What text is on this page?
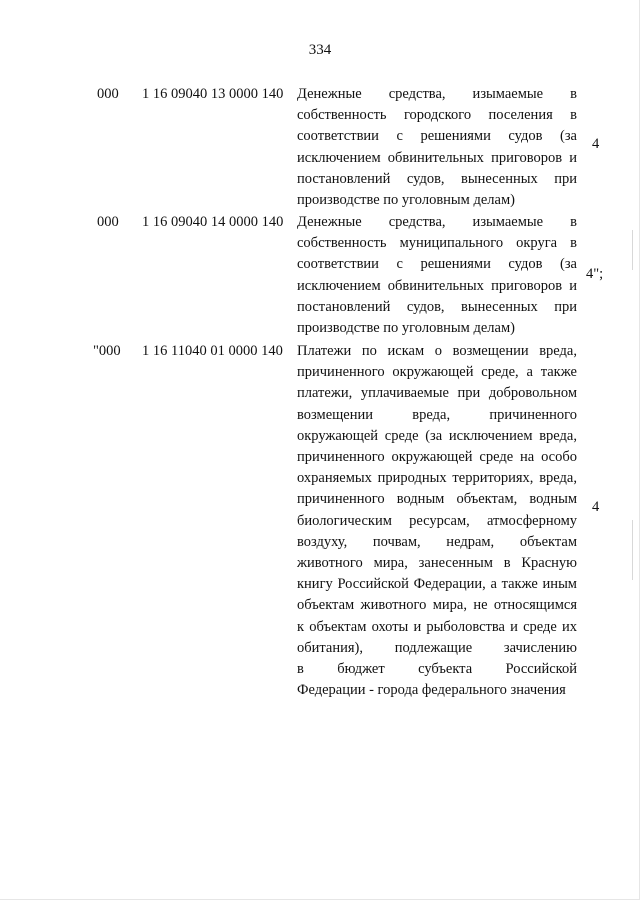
334
000 1 16 09040 13 0000 140 Денежные средства, изымаемые в
собственность городского поселения в
соответствии с решениями судов (за
исключением обвинительных приговоров и
постановлений судов, вынесенных при
производстве по уголовным делам)
4
000 1 16 09040 14 0000 140 Денежные средства, изымаемые в
собственность муниципального округа в
соответствии с решениями судов (за
исключением обвинительных приговоров и
постановлений судов, вынесенных при
производстве по уголовным делам)
4";
"000 1 16 11040 01 0000 140 Платежи по искам о возмещении вреда,
причиненного окружающей среде, а также
платежи, уплачиваемые при добровольном
возмещении вреда, причиненного
окружающей среде (за исключением вреда,
причиненного окружающей среде на особо
охраняемых природных территориях, вреда,
причиненного водным объектам, водным
биологическим ресурсам, атмосферному
воздуху, почвам, недрам, объектам
животного мира, занесенным в Красную
книгу Российской Федерации, а также иным
объектам животного мира, не относящимся
к объектам охоты и рыболовства и среде их
обитания), подлежащие зачислению
в бюджет субъекта Российской
Федерации - города федерального значения
4
